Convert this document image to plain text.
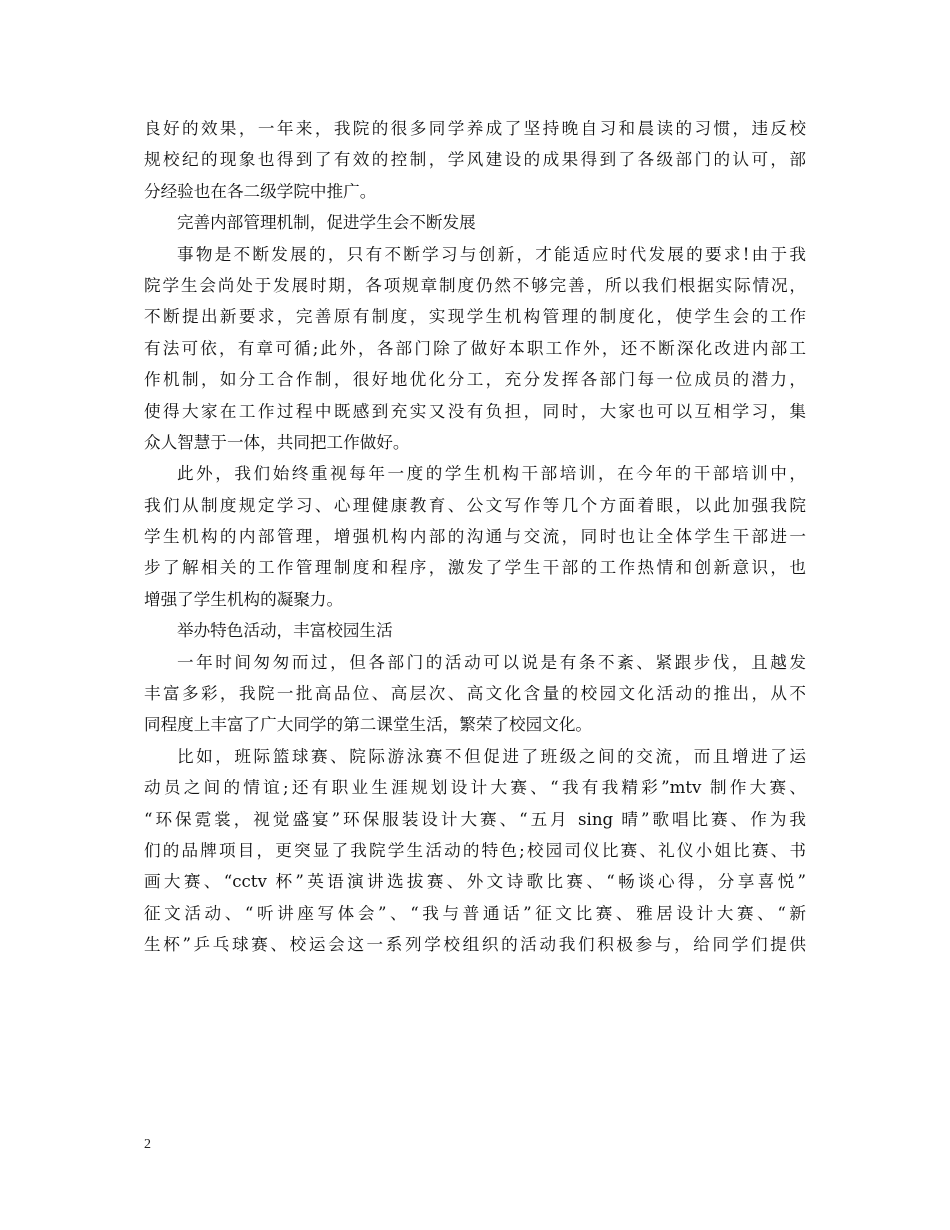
良好的效果，一年来，我院的很多同学养成了坚持晚自习和晨读的习惯，违反校
规校纪的现象也得到了有效的控制，学风建设的成果得到了各级部门的认可，部
分经验也在各二级学院中推广。
完善内部管理机制，促进学生会不断发展
事物是不断发展的，只有不断学习与创新，才能适应时代发展的要求!由于我
院学生会尚处于发展时期，各项规章制度仍然不够完善，所以我们根据实际情况，
不断提出新要求，完善原有制度，实现学生机构管理的制度化，使学生会的工作
有法可依，有章可循;此外，各部门除了做好本职工作外，还不断深化改进内部工
作机制，如分工合作制，很好地优化分工，充分发挥各部门每一位成员的潜力，
使得大家在工作过程中既感到充实又没有负担，同时，大家也可以互相学习，集
众人智慧于一体，共同把工作做好。
此外，我们始终重视每年一度的学生机构干部培训，在今年的干部培训中，
我们从制度规定学习、心理健康教育、公文写作等几个方面着眼，以此加强我院
学生机构的内部管理，增强机构内部的沟通与交流，同时也让全体学生干部进一
步了解相关的工作管理制度和程序，激发了学生干部的工作热情和创新意识，也
增强了学生机构的凝聚力。
举办特色活动，丰富校园生活
一年时间匆匆而过，但各部门的活动可以说是有条不紊、紧跟步伐，且越发
丰富多彩，我院一批高品位、高层次、高文化含量的校园文化活动的推出，从不
同程度上丰富了广大同学的第二课堂生活，繁荣了校园文化。
比如，班际篮球赛、院际游泳赛不但促进了班级之间的交流，而且增进了运
动员之间的情谊;还有职业生涯规划设计大赛、“我有我精彩”mtv 制作大赛、
“环保霓裳，视觉盛宴”环保服装设计大赛、“五月 sing 晴”歌唱比赛、作为我
们的品牌项目，更突显了我院学生活动的特色;校园司仪比赛、礼仪小姐比赛、书
画大赛、“cctv 杯”英语演讲选拔赛、外文诗歌比赛、“畅谈心得，分享喜悦”
征文活动、“听讲座写体会”、“我与普通话”征文比赛、雅居设计大赛、“新
生杯”乒乓球赛、校运会这一系列学校组织的活动我们积极参与，给同学们提供
2
